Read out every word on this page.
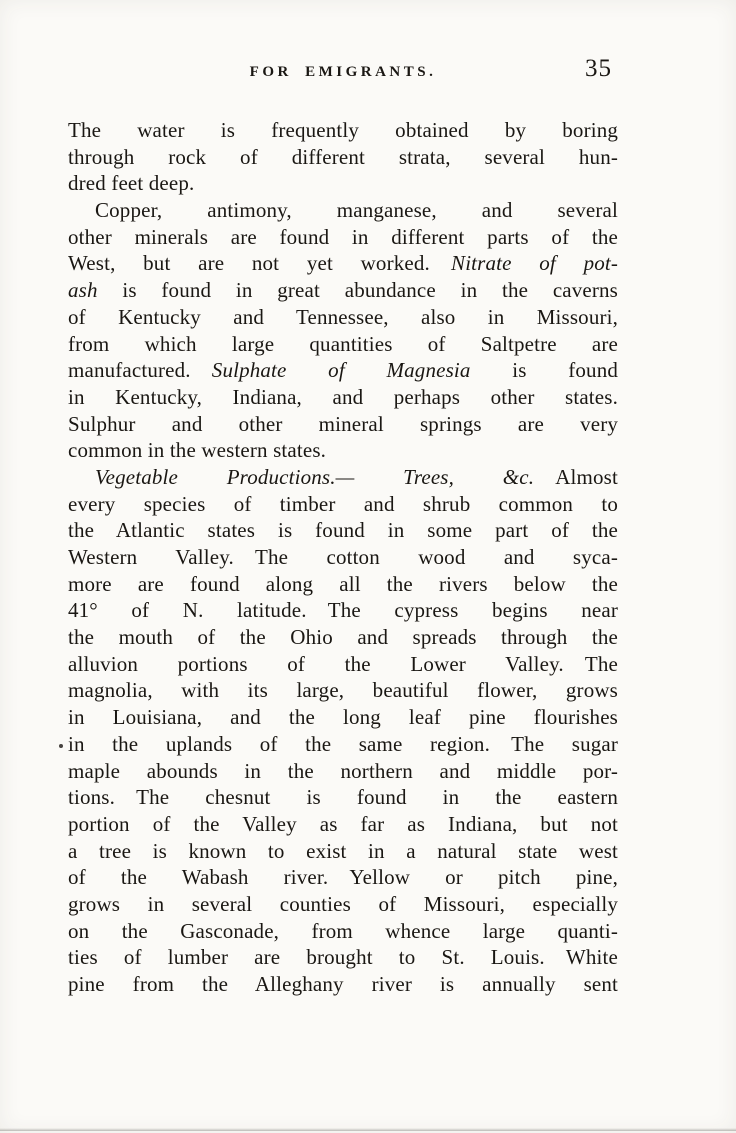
FOR EMIGRANTS.	35
The water is frequently obtained by boring
through rock of different strata, several hun-
dred feet deep.
Copper, antimony, manganese, and several
other minerals are found in different parts of the
West, but are not yet worked. Nitrate of pot-
ash is found in great abundance in the caverns
of Kentucky and Tennessee, also in Missouri,
from which large quantities of Saltpetre are
manufactured. Sulphate of Magnesia is found
in Kentucky, Indiana, and perhaps other states.
Sulphur and other mineral springs are very
common in the western states.
Vegetable Productions.— Trees, &c. Almost
every species of timber and shrub common to
the Atlantic states is found in some part of the
Western Valley. The cotton wood and syca-
more are found along all the rivers below the
41° of N. latitude. The cypress begins near
the mouth of the Ohio and spreads through the
alluvion portions of the Lower Valley. The
magnolia, with its large, beautiful flower, grows
in Louisiana, and the long leaf pine flourishes
in the uplands of the same region. The sugar
maple abounds in the northern and middle por-
tions. The chesnut is found in the eastern
portion of the Valley as far as Indiana, but not
a tree is known to exist in a natural state west
of the Wabash river. Yellow or pitch pine,
grows in several counties of Missouri, especially
on the Gasconade, from whence large quanti-
ties of lumber are brought to St. Louis. White
pine from the Alleghany river is annually sent
